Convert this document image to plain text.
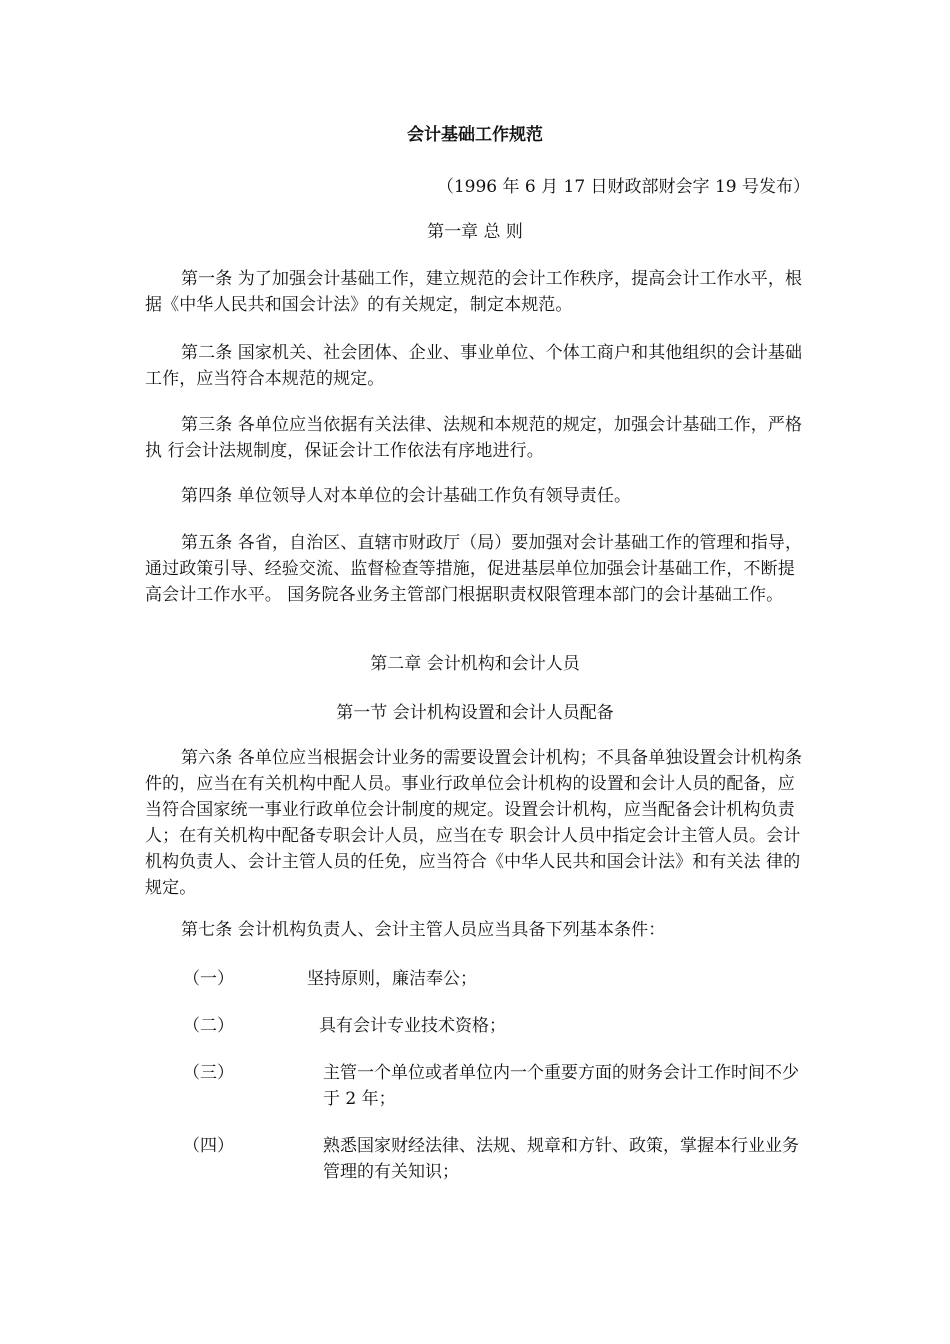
会计基础工作规范
（1996 年 6 月 17 日财政部财会字 19 号发布）
第一章 总 则
第一条 为了加强会计基础工作，建立规范的会计工作秩序，提高会计工作水平，根据《中华人民共和国会计法》的有关规定，制定本规范。
第二条 国家机关、社会团体、企业、事业单位、个体工商户和其他组织的会计基础工作，应当符合本规范的规定。
第三条 各单位应当依据有关法律、法规和本规范的规定，加强会计基础工作，严格执 行会计法规制度，保证会计工作依法有序地进行。
第四条 单位领导人对本单位的会计基础工作负有领导责任。
第五条 各省，自治区、直辖市财政厅（局）要加强对会计基础工作的管理和指导，通过政策引导、经验交流、监督检查等措施，促进基层单位加强会计基础工作，不断提高会计工作水平。 国务院各业务主管部门根据职责权限管理本部门的会计基础工作。
第二章 会计机构和会计人员
第一节 会计机构设置和会计人员配备
第六条 各单位应当根据会计业务的需要设置会计机构；不具备单独设置会计机构条件的，应当在有关机构中配人员。事业行政单位会计机构的设置和会计人员的配备，应当符合国家统一事业行政单位会计制度的规定。设置会计机构，应当配备会计机构负责人；在有关机构中配备专职会计人员，应当在专 职会计人员中指定会计主管人员。会计机构负责人、会计主管人员的任免，应当符合《中华人民共和国会计法》和有关法 律的规定。
第七条 会计机构负责人、会计主管人员应当具备下列基本条件：
（一）	坚持原则，廉洁奉公；
（二）	具有会计专业技术资格；
（三）	主管一个单位或者单位内一个重要方面的财务会计工作时间不少于 2 年；
（四）	熟悉国家财经法律、法规、规章和方针、政策，掌握本行业业务管理的有关知识；
